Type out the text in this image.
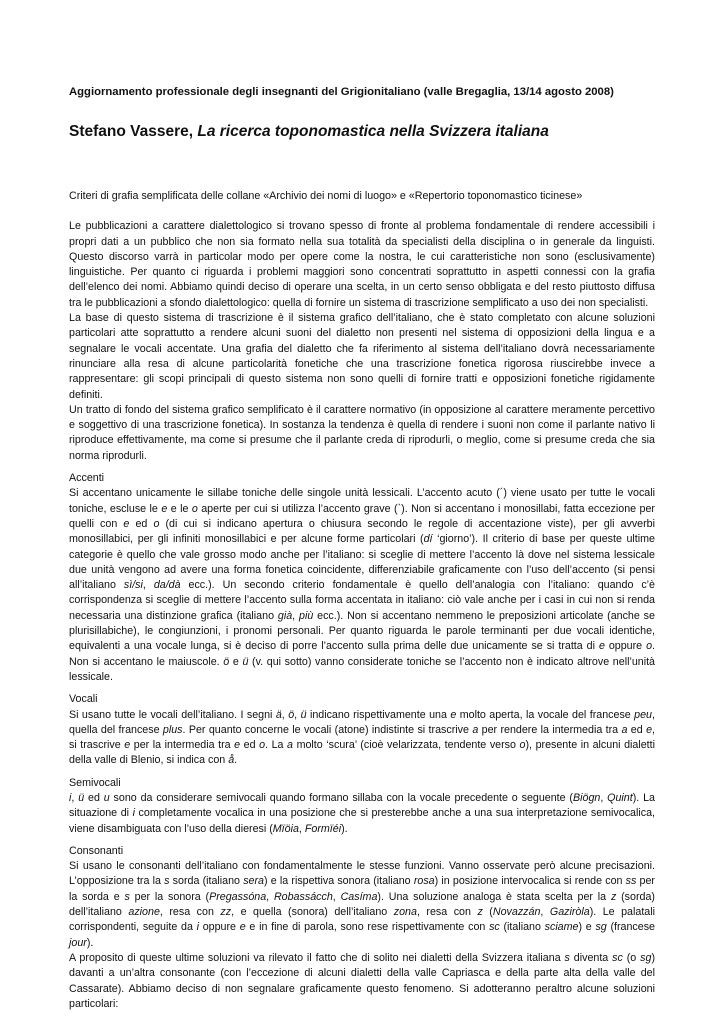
Aggiornamento professionale degli insegnanti del Grigionitaliano (valle Bregaglia, 13/14 agosto 2008)
Stefano Vassere, La ricerca toponomastica nella Svizzera italiana

Criteri di grafia semplificata delle collane «Archivio dei nomi di luogo» e «Repertorio toponomastico ticinese»

Le pubblicazioni a carattere dialettologico si trovano spesso di fronte al problema fondamentale di rendere accessibili i propri dati a un pubblico che non sia formato nella sua totalità da specialisti della disciplina o in generale da linguisti. Questo discorso varrà in particolar modo per opere come la nostra, le cui caratteristiche non sono (esclusivamente) linguistiche. Per quanto ci riguarda i problemi maggiori sono concentrati soprattutto in aspetti connessi con la grafia dell’elenco dei nomi. Abbiamo quindi deciso di operare una scelta, in un certo senso obbligata e del resto piuttosto diffusa tra le pubblicazioni a sfondo dialettologico: quella di fornire un sistema di trascrizione semplificato a uso dei non specialisti.

La base di questo sistema di trascrizione è il sistema grafico dell’italiano, che è stato completato con alcune soluzioni particolari atte soprattutto a rendere alcuni suoni del dialetto non presenti nel sistema di opposizioni della lingua e a segnalare le vocali accentate. Una grafia del dialetto che fa riferimento al sistema dell’italiano dovrà necessariamente rinunciare alla resa di alcune particolarità fonetiche che una trascrizione fonetica rigorosa riuscirebbe invece a rappresentare: gli scopi principali di questo sistema non sono quelli di fornire tratti e opposizioni fonetiche rigidamente definiti.

Un tratto di fondo del sistema grafico semplificato è il carattere normativo (in opposizione al carattere meramente percettivo e soggettivo di una trascrizione fonetica). In sostanza la tendenza è quella di rendere i suoni non come il parlante nativo li riproduce effettivamente, ma come si presume che il parlante creda di riprodurli, o meglio, come si presume creda che sia norma riprodurli.

Accenti

Si accentano unicamente le sillabe toniche delle singole unità lessicali. L’accento acuto (´) viene usato per tutte le vocali toniche, escluse le e e le o aperte per cui si utilizza l’accento grave (`). Non si accentano i monosillabi, fatta eccezione per quelli con e ed o (di cui si indicano apertura o chiusura secondo le regole di accentazione viste), per gli avverbi monosillabici, per gli infiniti monosillabici e per alcune forme particolari (dí ‘giorno’). Il criterio di base per queste ultime categorie è quello che vale grosso modo anche per l’italiano: si sceglie di mettere l’accento là dove nel sistema lessicale due unità vengono ad avere una forma fonetica coincidente, differenziabile graficamente con l’uso dell’accento (si pensi all’italiano sì/si, da/dà ecc.). Un secondo criterio fondamentale è quello dell’analogia con l’italiano: quando c’è corrispondenza si sceglie di mettere l’accento sulla forma accentata in italiano: ciò vale anche per i casi in cui non si renda necessaria una distinzione grafica (italiano già, più ecc.). Non si accentano nemmeno le preposizioni articolate (anche se plurisillabiche), le congiunzioni, i pronomi personali. Per quanto riguarda le parole terminanti per due vocali identiche, equivalenti a una vocale lunga, si è deciso di porre l’accento sulla prima delle due unicamente se si tratta di e oppure o. Non si accentano le maiuscole. ö e ü (v. qui sotto) vanno considerate toniche se l’accento non è indicato altrove nell’unità lessicale.

Vocali

Si usano tutte le vocali dell’italiano. I segni ä, ö, ü indicano rispettivamente una e molto aperta, la vocale del francese peu, quella del francese plus. Per quanto concerne le vocali (atone) indistinte si trascrive a per rendere la intermedia tra a ed e, si trascrive e per la intermedia tra e ed o. La a molto ‘scura’ (cioè velarizzata, tendente verso o), presente in alcuni dialetti della valle di Blenio, si indica con å.

Semivocali

i, ü ed u sono da considerare semivocali quando formano sillaba con la vocale precedente o seguente (Biögn, Quint). La situazione di i completamente vocalica in una posizione che si presterebbe anche a una sua interpretazione semivocalica, viene disambiguata con l’uso della dieresi (Mïöia, Formïéi).

Consonanti

Si usano le consonanti dell’italiano con fondamentalmente le stesse funzioni. Vanno osservate però alcune precisazioni. L’opposizione tra la s sorda (italiano sera) e la rispettiva sonora (italiano rosa) in posizione intervocalica si rende con ss per la sorda e s per la sonora (Pregassóna, Robassácch, Casíma). Una soluzione analoga è stata scelta per la z (sorda) dell’italiano azione, resa con zz, e quella (sonora) dell’italiano zona, resa con z (Novazzán, Gaziròla). Le palatali corrispondenti, seguite da i oppure e e in fine di parola, sono rese rispettivamente con sc (italiano sciame) e sg (francese jour).

A proposito di queste ultime soluzioni va rilevato il fatto che di solito nei dialetti della Svizzera italiana s diventa sc (o sg) davanti a un’altra consonante (con l’eccezione di alcuni dialetti della valle Capriasca e della parte alta della valle del Cassarate). Abbiamo deciso di non segnalare graficamente questo fenomeno. Si adotteranno peraltro alcune soluzioni particolari:
